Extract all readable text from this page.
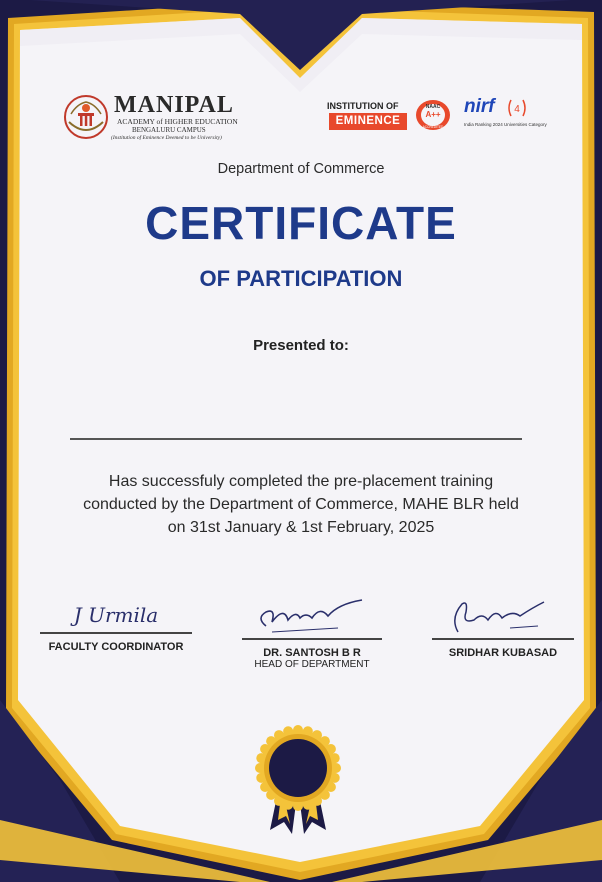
MANIPAL
ACADEMY of HIGHER EDUCATION
BENGALURU CAMPUS
(Institution of Eminence Deemed to be University)
INSTITUTION OF
EMINENCE
NAAC
A++
ACCREDITED
nirf 4
India Ranking 2024 Universities Category
Department of Commerce
CERTIFICATE
OF PARTICIPATION
Presented to:
Has successfuly completed the pre-placement training
conducted by the Department of Commerce, MAHE BLR held
on 31st January & 1st February, 2025
J Urmila
FACULTY COORDINATOR	DR. SANTOSH B R
HEAD OF DEPARTMENT
SRIDHAR KUBASAD
